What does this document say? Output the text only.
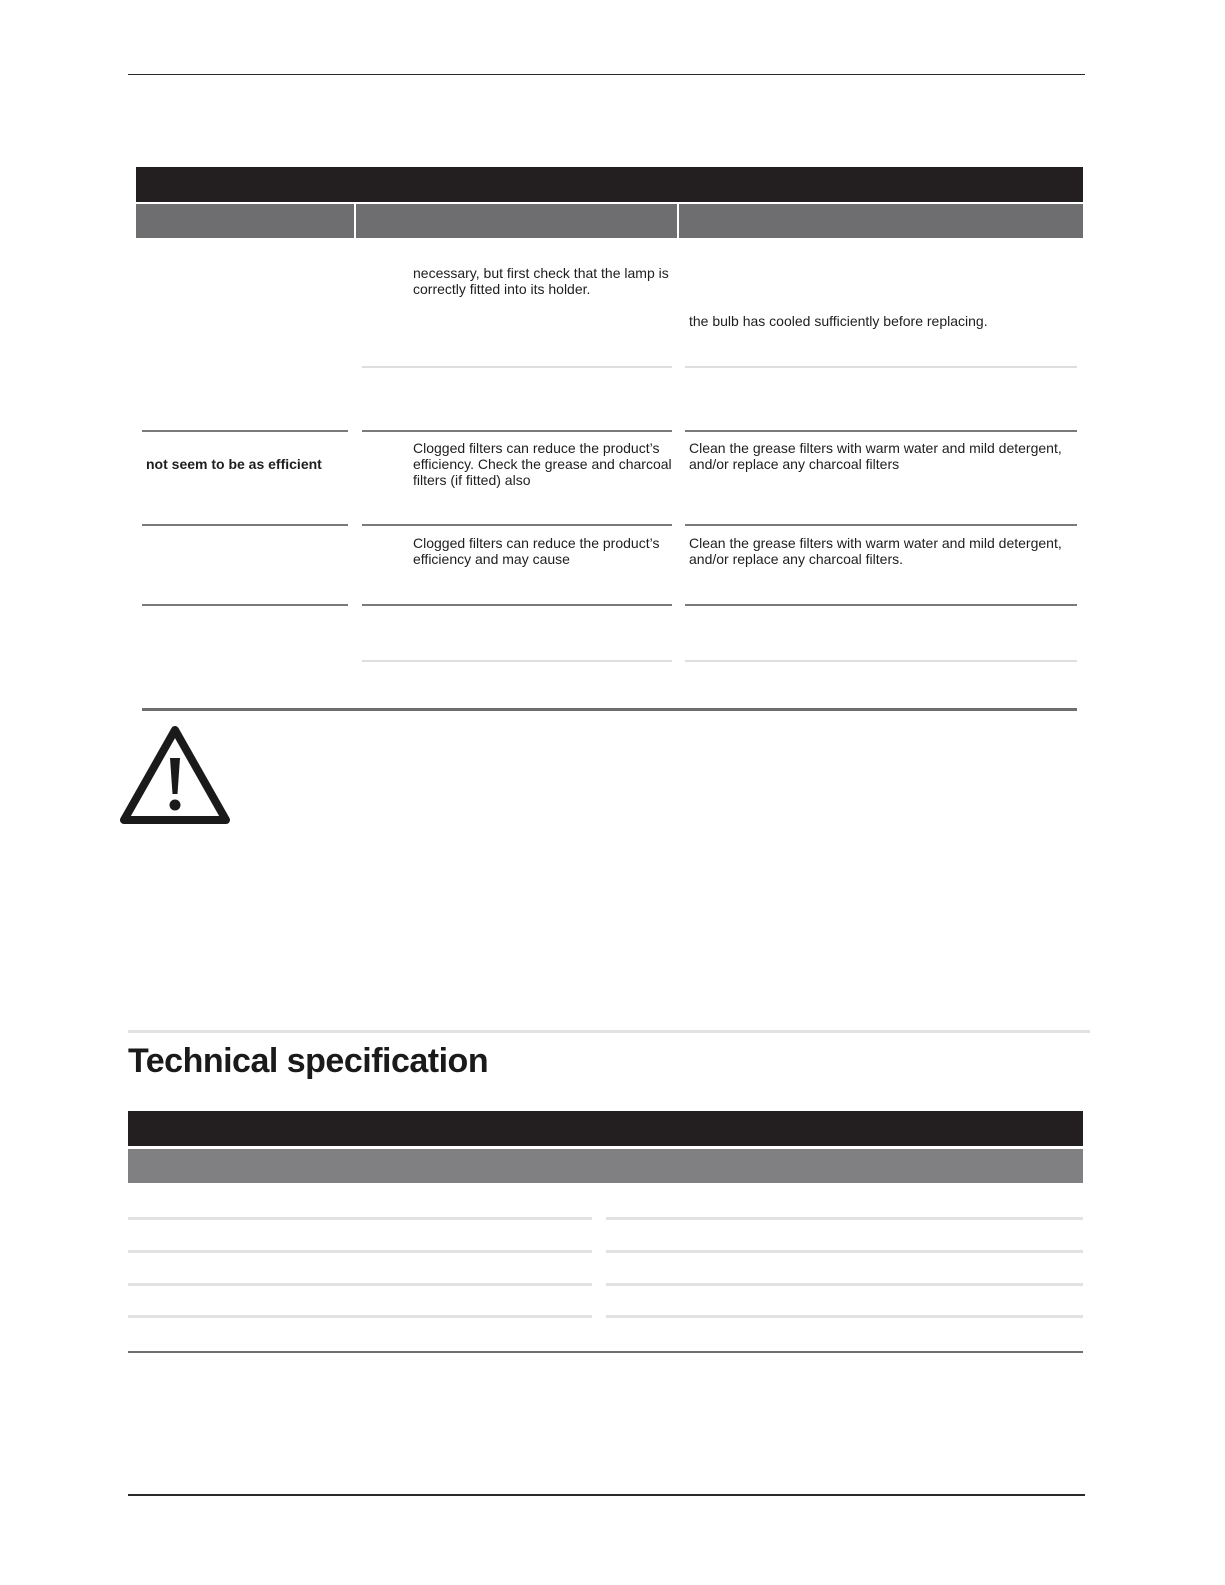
necessary, but first check that the lamp is correctly fitted into its holder.
the bulb has cooled sufficiently before replacing.
not seem to be as efficient
Clogged filters can reduce the product’s efficiency. Check the grease and charcoal filters (if fitted) also
Clean the grease filters with warm water and mild detergent, and/or replace any charcoal filters
Clogged filters can reduce the product’s efficiency and may cause
Clean the grease filters with warm water and mild detergent, and/or replace any charcoal filters.
Technical specification
